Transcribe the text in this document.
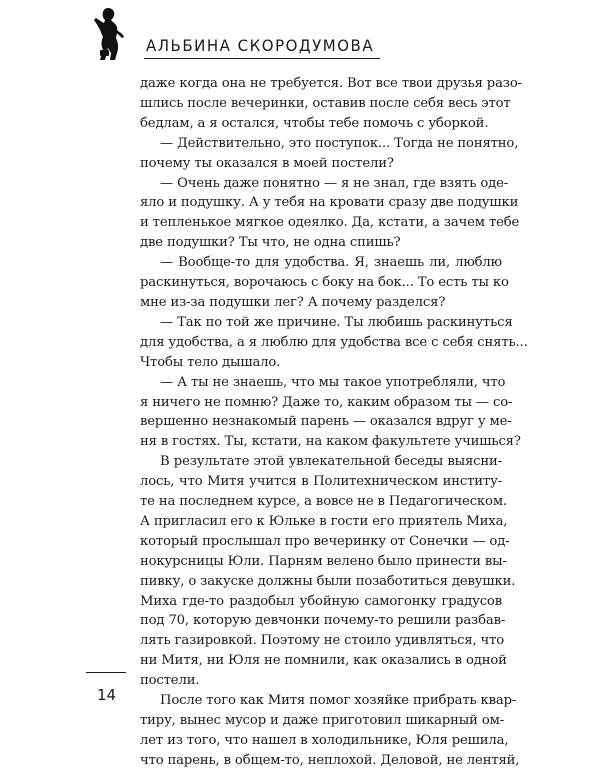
АЛЬБИНА СКОРОДУМОВА
даже когда она не требуется. Вот все твои друзья разо-
шлись после вечеринки, оставив после себя весь этот
бедлам, а я остался, чтобы тебе помочь с уборкой.
— Действительно, это поступок... Тогда не понятно,
почему ты оказался в моей постели?
— Очень даже понятно — я не знал, где взять оде-
яло и подушку. А у тебя на кровати сразу две подушки
и тепленькое мягкое одеялко. Да, кстати, а зачем тебе
две подушки? Ты что, не одна спишь?
— Вообще-то для удобства. Я, знаешь ли, люблю
раскинуться, ворочаюсь с боку на бок... То есть ты ко
мне из-за подушки лег? А почему разделся?
— Так по той же причине. Ты любишь раскинуться
для удобства, а я люблю для удобства все с себя снять...
Чтобы тело дышало.
— А ты не знаешь, что мы такое употребляли, что
я ничего не помню? Даже то, каким образом ты — со-
вершенно незнакомый парень — оказался вдруг у ме-
ня в гостях. Ты, кстати, на каком факультете учишься?
В результате этой увлекательной беседы выясни-
лось, что Митя учится в Политехническом институ-
те на последнем курсе, а вовсе не в Педагогическом.
А пригласил его к Юльке в гости его приятель Миха,
который прослышал про вечеринку от Сонечки — од-
нокурсницы Юли. Парням велено было принести вы-
пивку, о закуске должны были позаботиться девушки.
Миха где-то раздобыл убойную самогонку градусов
под 70, которую девчонки почему-то решили разбав-
лять газировкой. Поэтому не стоило удивляться, что
ни Митя, ни Юля не помнили, как оказались в одной
постели.
После того как Митя помог хозяйке прибрать квар-
тиру, вынес мусор и даже приготовил шикарный ом-
лет из того, что нашел в холодильнике, Юля решила,
что парень, в общем-то, неплохой. Деловой, не лентяй,
14
